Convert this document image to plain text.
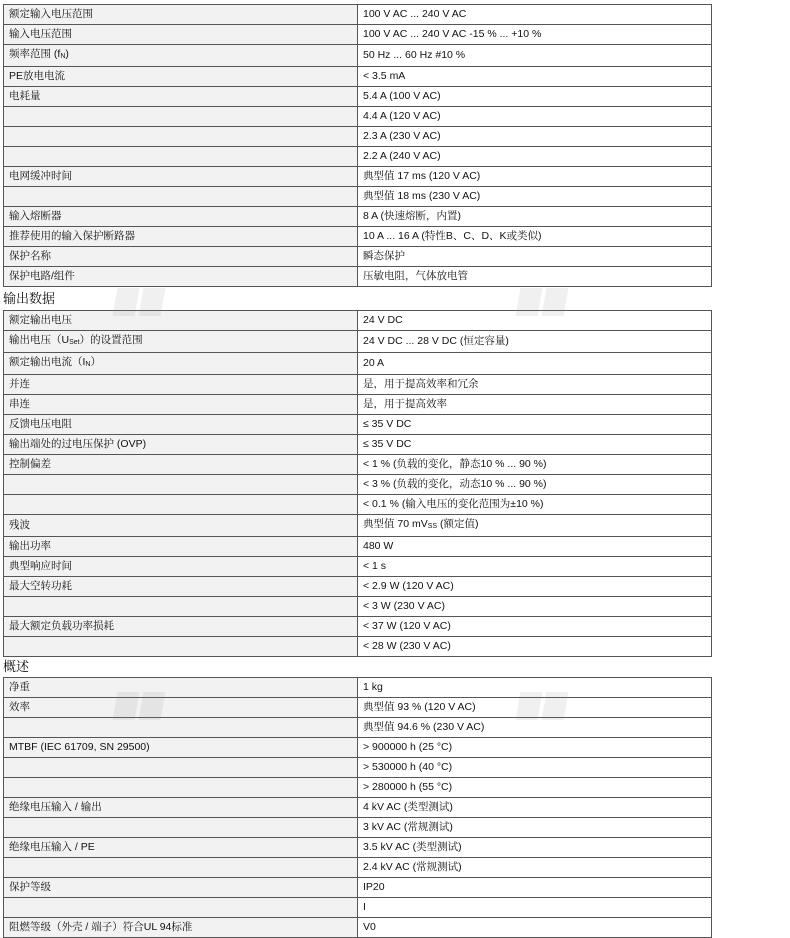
额定输入电压范围	100 V AC ... 240 V AC
输入电压范围	100 V AC ... 240 V AC -15 % ... +10 %
频率范围 $(f_N)$	50 Hz ... 60 Hz #10 %
PE放电电流	< 3.5 mA
电耗量	5.4 A (100 V AC)
	4.4 A (120 V AC)
	2.3 A (230 V AC)
	2.2 A (240 V AC)
电网缓冲时间	典型值 17 ms (120 V AC)
	典型值 18 ms (230 V AC)
输入熔断器	8 A (快速熔断，内置)
推荐使用的输入保护断路器	10 A ... 16 A (特性B、C、D、K或类似)
保护名称	瞬态保护
保护电路/组件	压敏电阻，气体放电管
输出数据
额定输出电压	24 V DC
输出电压$(U_{Set})$的设置范围	24 V DC ... 28 V DC (恒定容量)
额定输出电流$(I_N)$	20 A
并连	是，用于提高效率和冗余
串连	是，用于提高效率
反馈电压电阻	≤ 35 V DC
输出端处的过电压保护 (OVP)	≤ 35 V DC
控制偏差	< 1 % (负载的变化，静态10 % ... 90 %)
	< 3 % (负载的变化，动态10 % ... 90 %)
	< 0.1 % (输入电压的变化范围为±10 %)
残波	典型值 70 $mV_{SS}$ (额定值)
输出功率	480 W
典型响应时间	< 1 s
最大空转功耗	< 2.9 W (120 V AC)
	< 3 W (230 V AC)
最大额定负载功率损耗	< 37 W (120 V AC)
	< 28 W (230 V AC)
概述
净重	1 kg
效率	典型值 93 % (120 V AC)
	典型值 94.6 % (230 V AC)
MTBF (IEC 61709, SN 29500)	> 900000 h (25 °C)
	> 530000 h (40 °C)
	> 280000 h (55 °C)
绝缘电压输入 / 输出	4 kV AC (类型测试)
	3 kV AC (常规测试)
绝缘电压输入 / PE	3.5 kV AC (类型测试)
	2.4 kV AC (常规测试)
保护等级	IP20
	I
阻燃等级（外壳 / 端子）符合UL 94标准	V0
